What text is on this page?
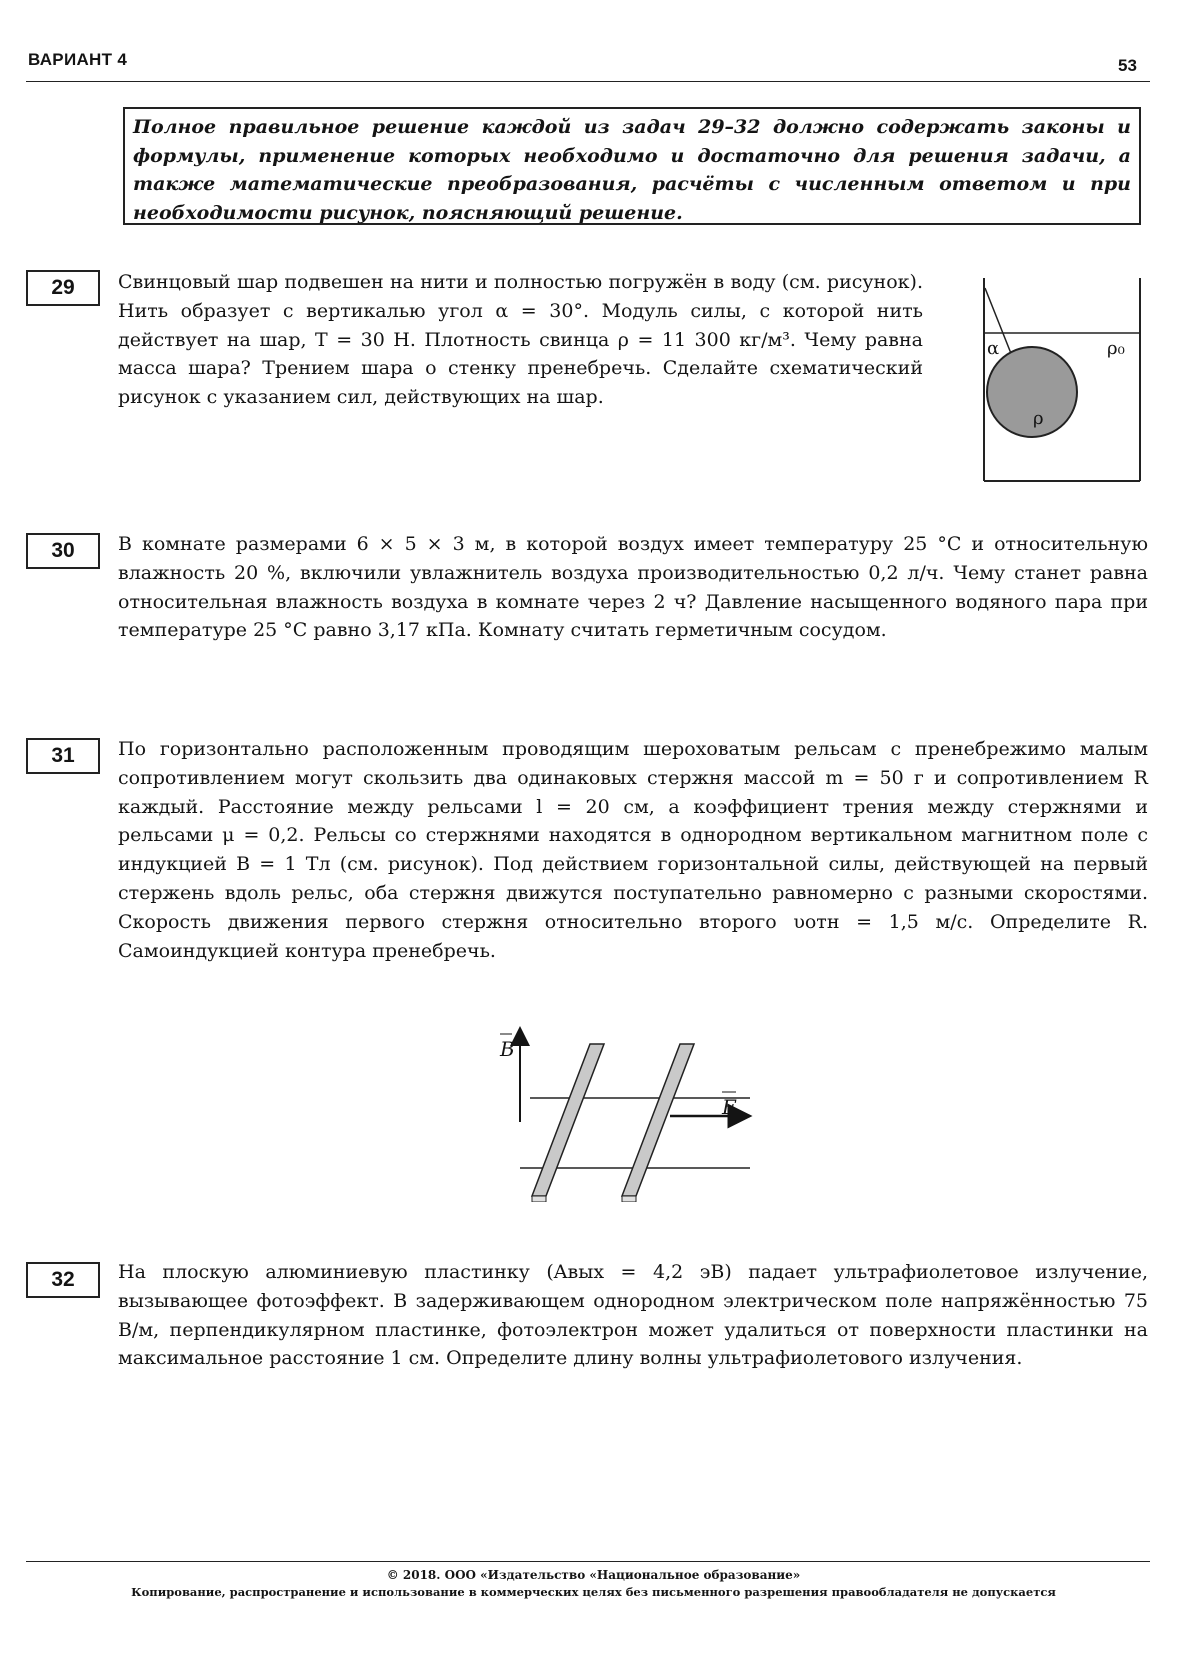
ВАРИАНТ 4	53
Полное правильное решение каждой из задач 29–32 должно содержать законы и формулы, применение которых необходимо и достаточно для решения задачи, а также математические преобразования, расчёты с численным ответом и при необходимости рисунок, поясняющий решение.
29	Свинцовый шар подвешен на нити и полностью погружён в воду (см. рисунок). Нить образует с вертикалью угол α = 30°. Модуль силы, с которой нить действует на шар, T = 30 Н. Плотность свинца ρ = 11 300 кг/м³. Чему равна масса шара? Трением шара о стенку пренебречь. Сделайте схематический рисунок с указанием сил, действующих на шар.

α	ρ₀
ρ
30	В комнате размерами 6 × 5 × 3 м, в которой воздух имеет температуру 25 °С и относительную влажность 20 %, включили увлажнитель воздуха производительностью 0,2 л/ч. Чему станет равна относительная влажность воздуха в комнате через 2 ч? Давление насыщенного водяного пара при температуре 25 °С равно 3,17 кПа. Комнату считать герметичным сосудом.

31	По горизонтально расположенным проводящим шероховатым рельсам с пренебрежимо малым сопротивлением могут скользить два одинаковых стержня массой m = 50 г и сопротивлением R каждый. Расстояние между рельсами l = 20 см, а коэффициент трения между стержнями и рельсами μ = 0,2. Рельсы со стержнями находятся в однородном вертикальном магнитном поле с индукцией B = 1 Тл (см. рисунок). Под действием горизонтальной силы, действующей на первый стержень вдоль рельс, оба стержня движутся поступательно равномерно с разными скоростями. Скорость движения первого стержня относительно второго υотн = 1,5 м/с. Определите R. Самоиндукцией контура пренебречь.

B
F
32	На плоскую алюминиевую пластинку (Aвых = 4,2 эВ) падает ультрафиолетовое излучение, вызывающее фотоэффект. В задерживающем однородном электрическом поле напряжённостью 75 В/м, перпендикулярном пластинке, фотоэлектрон может удалиться от поверхности пластинки на максимальное расстояние 1 см. Определите длину волны ультрафиолетового излучения.

© 2018. ООО «Издательство «Национальное образование»
Копирование, распространение и использование в коммерческих целях без письменного разрешения правообладателя не допускается
